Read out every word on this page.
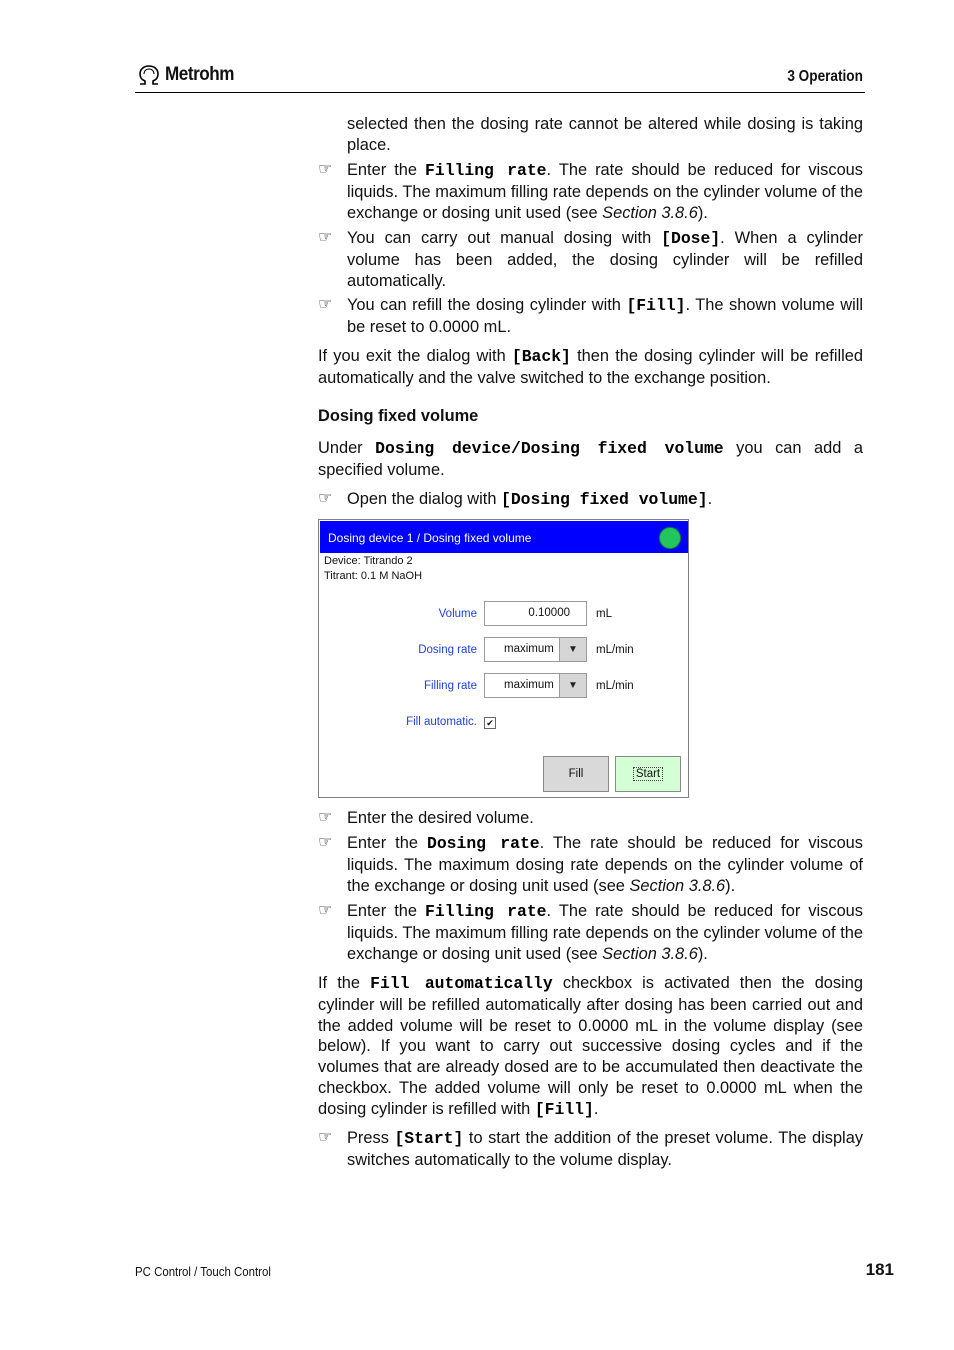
Metrohm	3 Operation
selected then the dosing rate cannot be altered while dosing is taking place.
☞ Enter the Filling rate. The rate should be reduced for viscous liquids. The maximum filling rate depends on the cylinder volume of the exchange or dosing unit used (see Section 3.8.6).
☞ You can carry out manual dosing with [Dose]. When a cylinder volume has been added, the dosing cylinder will be refilled automatically.
☞ You can refill the dosing cylinder with [Fill]. The shown volume will be reset to 0.0000 mL.
If you exit the dialog with [Back] then the dosing cylinder will be refilled automatically and the valve switched to the exchange position.
Dosing fixed volume
Under Dosing device/Dosing fixed volume you can add a specified volume.
☞ Open the dialog with [Dosing fixed volume].
Dosing device 1 / Dosing fixed volume
Device: Titrando 2
Titrant: 0.1 M NaOH
Volume	0.10000 mL
Dosing rate maximum	▼	mL/min
Filling rate maximum	▼	mL/min
Fill automatic. ✔
Fill	Start
☞ Enter the desired volume.
☞ Enter the Dosing rate. The rate should be reduced for viscous liquids. The maximum dosing rate depends on the cylinder volume of the exchange or dosing unit used (see Section 3.8.6).
☞ Enter the Filling rate. The rate should be reduced for viscous liquids. The maximum filling rate depends on the cylinder volume of the exchange or dosing unit used (see Section 3.8.6).
If the Fill automatically checkbox is activated then the dosing cylinder will be refilled automatically after dosing has been carried out and the added volume will be reset to 0.0000 mL in the volume display (see below). If you want to carry out successive dosing cycles and if the volumes that are already dosed are to be accumulated then deactivate the checkbox. The added volume will only be reset to 0.0000 mL when the dosing cylinder is refilled with [Fill].
☞ Press [Start] to start the addition of the preset volume. The display switches automatically to the volume display.
PC Control / Touch Control	181
